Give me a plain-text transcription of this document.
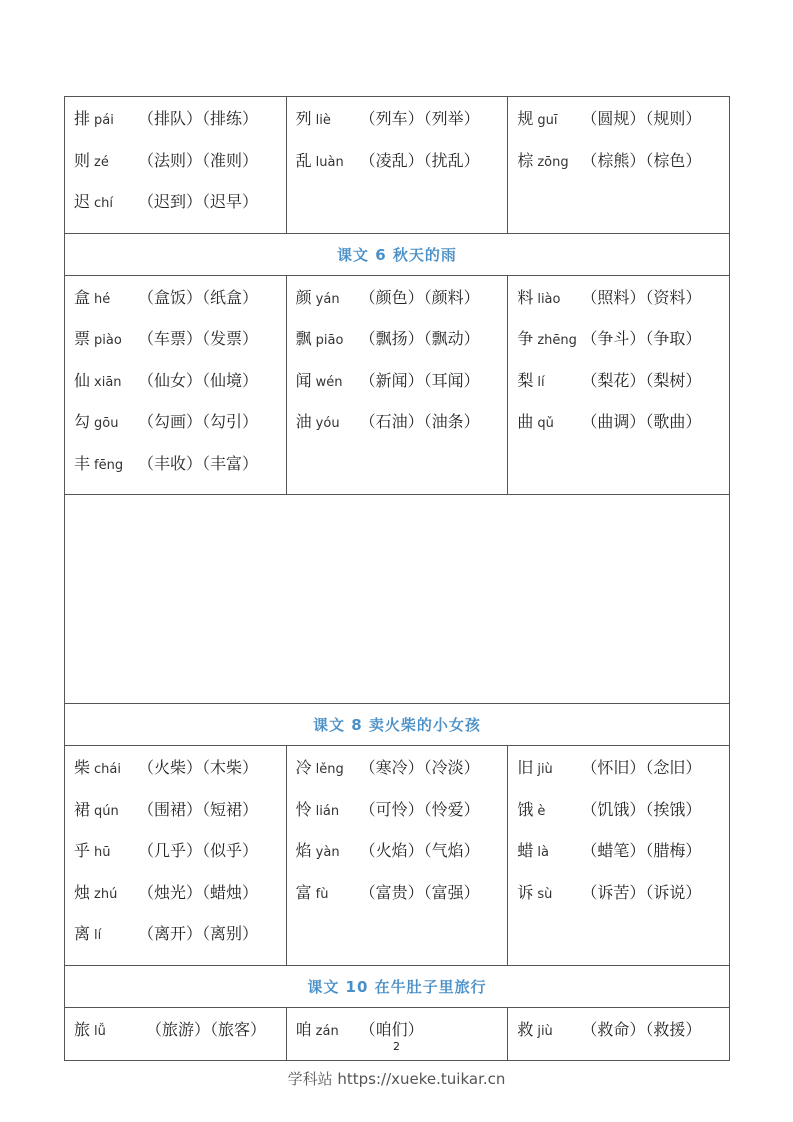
排 pái （排队）（排练）
则 zé （法则）（准则）
迟 chí （迟到）（迟早）
列 liè （列车）（列举）
乱 luàn （凌乱）（扰乱）
规 guī （圆规）（规则）
棕 zōng （棕熊）（棕色）
课文 6 秋天的雨
盒 hé （盒饭）（纸盒）
票 piào （车票）（发票）
仙 xiān （仙女）（仙境）
勾 gōu （勾画）（勾引）
丰 fēng （丰收）（丰富）
颜 yán （颜色）（颜料）
飘 piāo （飘扬）（飘动）
闻 wén （新闻）（耳闻）
油 yóu （石油）（油条）
料 liào （照料）（资料）
争 zhēng （争斗）（争取）
梨 lí （梨花）（梨树）
曲 qǔ （曲调）（歌曲）
课文 8 卖火柴的小女孩
柴 chái （火柴）（木柴）
裙 qún （围裙）（短裙）
乎 hū （几乎）（似乎）
烛 zhú （烛光）（蜡烛）
离 lí （离开）（离别）
冷 lěng （寒冷）（冷淡）
怜 lián （可怜）（怜爱）
焰 yàn （火焰）（气焰）
富 fù （富贵）（富强）
旧 jiù （怀旧）（念旧）
饿 è （饥饿）（挨饿）
蜡 là （蜡笔）（腊梅）
诉 sù （诉苦）（诉说）
课文 10 在牛肚子里旅行
旅 lǚ	（旅游）（旅客） 咱 zán （咱们）	救 jiù （救命）（救援）
2
学科站 https://xueke.tuikar.cn
